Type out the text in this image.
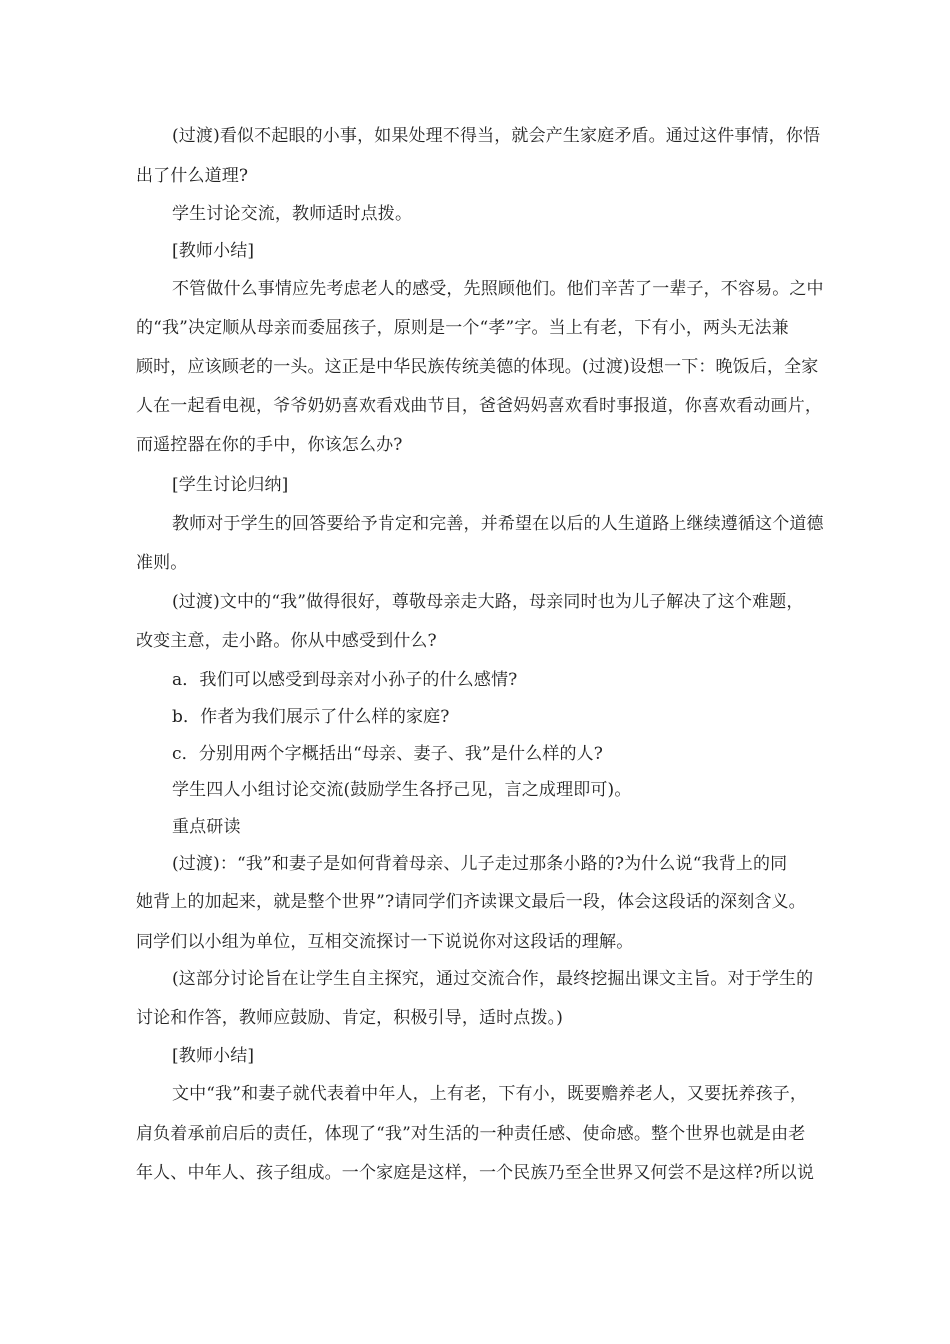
(过渡)看似不起眼的小事，如果处理不得当，就会产生家庭矛盾。通过这件事情，你悟
出了什么道理?
学生讨论交流，教师适时点拨。
[教师小结]
不管做什么事情应先考虑老人的感受，先照顾他们。他们辛苦了一辈子，不容易。之中
的“我”决定顺从母亲而委屈孩子，原则是一个“孝”字。当上有老，下有小，两头无法兼
顾时，应该顾老的一头。这正是中华民族传统美德的体现。(过渡)设想一下：晚饭后，全家
人在一起看电视，爷爷奶奶喜欢看戏曲节目，爸爸妈妈喜欢看时事报道，你喜欢看动画片，
而遥控器在你的手中，你该怎么办?
[学生讨论归纳]
教师对于学生的回答要给予肯定和完善，并希望在以后的人生道路上继续遵循这个道德
准则。
(过渡)文中的“我”做得很好，尊敬母亲走大路，母亲同时也为儿子解决了这个难题，
改变主意，走小路。你从中感受到什么?
a．我们可以感受到母亲对小孙子的什么感情?
b．作者为我们展示了什么样的家庭?
c．分别用两个字概括出“母亲、妻子、我”是什么样的人?
学生四人小组讨论交流(鼓励学生各抒己见，言之成理即可)。
重点研读
(过渡)：“我”和妻子是如何背着母亲、儿子走过那条小路的?为什么说“我背上的同
她背上的加起来，就是整个世界”?请同学们齐读课文最后一段，体会这段话的深刻含义。
同学们以小组为单位，互相交流探讨一下说说你对这段话的理解。
(这部分讨论旨在让学生自主探究，通过交流合作，最终挖掘出课文主旨。对于学生的
讨论和作答，教师应鼓励、肯定，积极引导，适时点拨。)
[教师小结]
文中“我”和妻子就代表着中年人，上有老，下有小，既要赡养老人，又要抚养孩子，
肩负着承前启后的责任，体现了“我”对生活的一种责任感、使命感。整个世界也就是由老
年人、中年人、孩子组成。一个家庭是这样，一个民族乃至全世界又何尝不是这样?所以说
